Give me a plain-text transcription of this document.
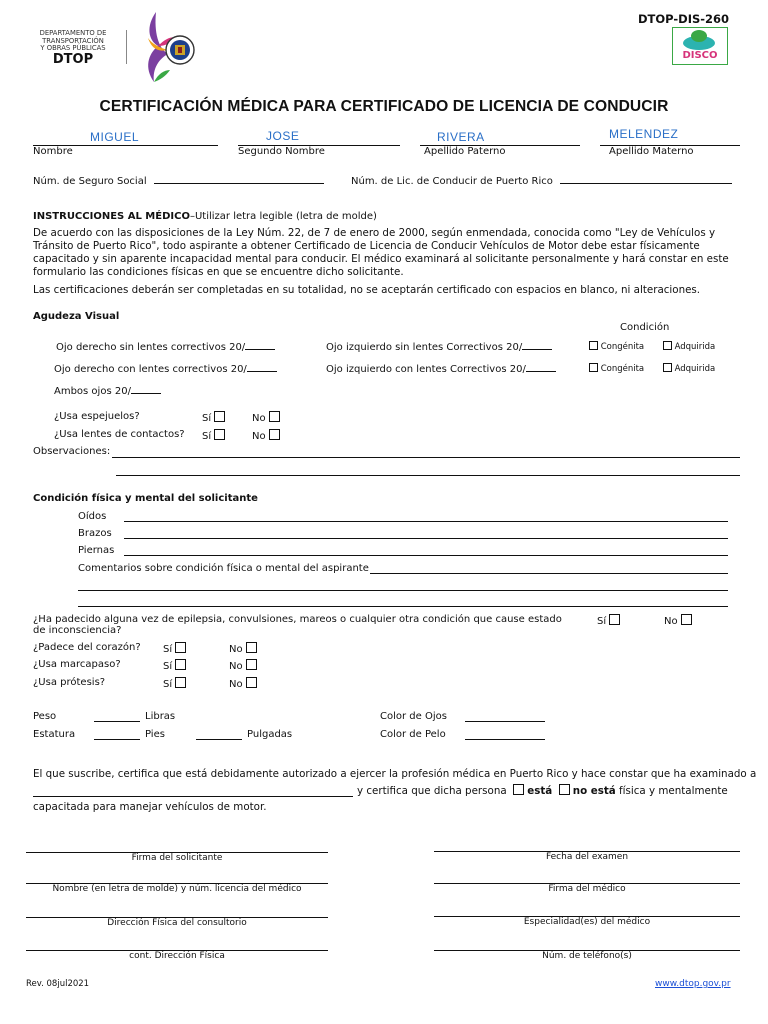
DEPARTAMENTO DE
TRANSPORTACIÓN
Y OBRAS PÚBLICAS
DTOP
DTOP-DIS-260
DISCO
CERTIFICACIÓN MÉDICA PARA CERTIFICADO DE LICENCIA DE CONDUCIR
MIGUEL	JOSE	RIVERA	MELENDEZ
Nombre	Segundo Nombre	Apellido Paterno	Apellido Materno
Núm. de Seguro Social	Núm. de Lic. de Conducir de Puerto Rico
INSTRUCCIONES AL MÉDICO–Utilizar letra legible (letra de molde)
De acuerdo con las disposiciones de la Ley Núm. 22, de 7 de enero de 2000, según enmendada, conocida como "Ley de Vehículos y
Tránsito de Puerto Rico", todo aspirante a obtener Certificado de Licencia de Conducir Vehículos de Motor debe estar físicamente
capacitado y sin aparente incapacidad mental para conducir. El médico examinará al solicitante personalmente y hará constar en este
formulario las condiciones físicas en que se encuentre dicho solicitante.
Las certificaciones deberán ser completadas en su totalidad, no se aceptarán certificado con espacios en blanco, ni alteraciones.
Agudeza Visual
Condición
Ojo derecho sin lentes correctivos 20/	Ojo izquierdo sin lentes Correctivos 20/	Congénita	Adquirida
Ojo derecho con lentes correctivos 20/	Ojo izquierdo con lentes Correctivos 20/	Congénita	Adquirida
Ambos ojos 20/
¿Usa espejuelos?	Sí	No
¿Usa lentes de contactos? Sí	No
Observaciones:
Condición física y mental del solicitante
Oídos
Brazos
Piernas
Comentarios sobre condición física o mental del aspirante
¿Ha padecido alguna vez de epilepsia, convulsiones, mareos o cualquier otra condición que cause estado
de inconsciencia?
Sí	No
¿Padece del corazón? Sí	No
¿Usa marcapaso?	Sí	No
¿Usa prótesis?	Sí	No
Peso	Libras
Estatura	Pies	Pulgadas
Color de Ojos
Color de Pelo
El que suscribe, certifica que está debidamente autorizado a ejercer la profesión médica en Puerto Rico y hace constar que ha examinado a
y certifica que dicha persona está no está física y mentalmente
capacitada para manejar vehículos de motor.
Firma del solicitante	Fecha del examen
Nombre (en letra de molde) y núm. licencia del médico	Firma del médico
Dirección Física del consultorio	Especialidad(es) del médico
cont. Dirección Física	Núm. de teléfono(s)
Rev. 08jul2021	www.dtop.gov.pr
